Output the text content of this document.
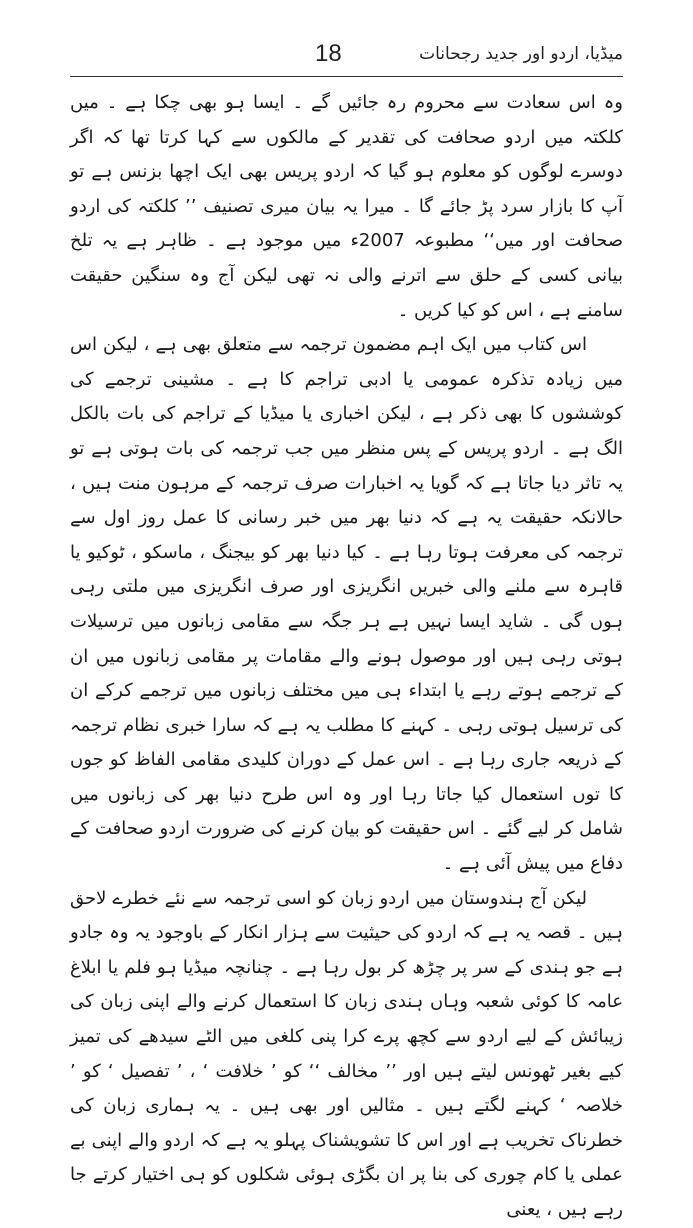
18	میڈیا، اردو اور جدید رجحانات

وہ اس سعادت سے محروم رہ جائیں گے ۔ ایسا ہو بھی چکا ہے ۔ میں کلکتہ میں اردو صحافت کی تقدیر کے مالکوں سے کہا کرتا تھا کہ اگر دوسرے لوگوں کو معلوم ہو گیا کہ اردو پریس بھی ایک اچھا بزنس ہے تو آپ کا بازار سرد پڑ جائے گا ۔ میرا یہ بیان میری تصنیف ’’ کلکتہ کی اردو صحافت اور میں‘‘ مطبوعہ 2007ء میں موجود ہے ۔ ظاہر ہے یہ تلخ بیانی کسی کے حلق سے اترنے والی نہ تھی لیکن آج وہ سنگین حقیقت سامنے ہے ، اس کو کیا کریں ۔

اس کتاب میں ایک اہم مضمون ترجمہ سے متعلق بھی ہے ، لیکن اس میں زیادہ تذکرہ عمومی یا ادبی تراجم کا ہے ۔ مشینی ترجمے کی کوششوں کا بھی ذکر ہے ، لیکن اخباری یا میڈیا کے تراجم کی بات بالکل الگ ہے ۔ اردو پریس کے پس منظر میں جب ترجمہ کی بات ہوتی ہے تو یہ تاثر دیا جاتا ہے کہ گویا یہ اخبارات صرف ترجمہ کے مرہون منت ہیں ، حالانکہ حقیقت یہ ہے کہ دنیا بھر میں خبر رسانی کا عمل روز اول سے ترجمہ کی معرفت ہوتا رہا ہے ۔ کیا دنیا بھر کو بیجنگ ، ماسکو ، ٹوکیو یا قاہرہ سے ملنے والی خبریں انگریزی اور صرف انگریزی میں ملتی رہی ہوں گی ۔ شاید ایسا نہیں ہے ہر جگہ سے مقامی زبانوں میں ترسیلات ہوتی رہی ہیں اور موصول ہونے والے مقامات پر مقامی زبانوں میں ان کے ترجمے ہوتے رہے یا ابتداء ہی میں مختلف زبانوں میں ترجمے کرکے ان کی ترسیل ہوتی رہی ۔ کہنے کا مطلب یہ ہے کہ سارا خبری نظام ترجمہ کے ذریعہ جاری رہا ہے ۔ اس عمل کے دوران کلیدی مقامی الفاظ کو جوں کا توں استعمال کیا جاتا رہا اور وہ اس طرح دنیا بھر کی زبانوں میں شامل کر لیے گئے ۔ اس حقیقت کو بیان کرنے کی ضرورت اردو صحافت کے دفاع میں پیش آئی ہے ۔

لیکن آج ہندوستان میں اردو زبان کو اسی ترجمہ سے نئے خطرے لاحق ہیں ۔ قصہ یہ ہے کہ اردو کی حیثیت سے ہزار انکار کے باوجود یہ وہ جادو ہے جو ہندی کے سر پر چڑھ کر بول رہا ہے ۔ چنانچہ میڈیا ہو فلم یا ابلاغ عامہ کا کوئی شعبہ وہاں ہندی زبان کا استعمال کرنے والے اپنی زبان کی زیبائش کے لیے اردو سے کچھ پرے کرا پنی کلغی میں الٹے سیدھے کی تمیز کیے بغیر ٹھونس لیتے ہیں اور ’’ مخالف ‘‘ کو ’ خلافت ‘ ، ’ تفصیل ‘ کو ’ خلاصہ ‘ کہنے لگتے ہیں ۔ مثالیں اور بھی ہیں ۔ یہ ہماری زبان کی خطرناک تخریب ہے اور اس کا تشویشناک پہلو یہ ہے کہ اردو والے اپنی بے عملی یا کام چوری کی بنا پر ان بگڑی ہوئی شکلوں کو ہی اختیار کرتے جا رہے ہیں ، یعنی
